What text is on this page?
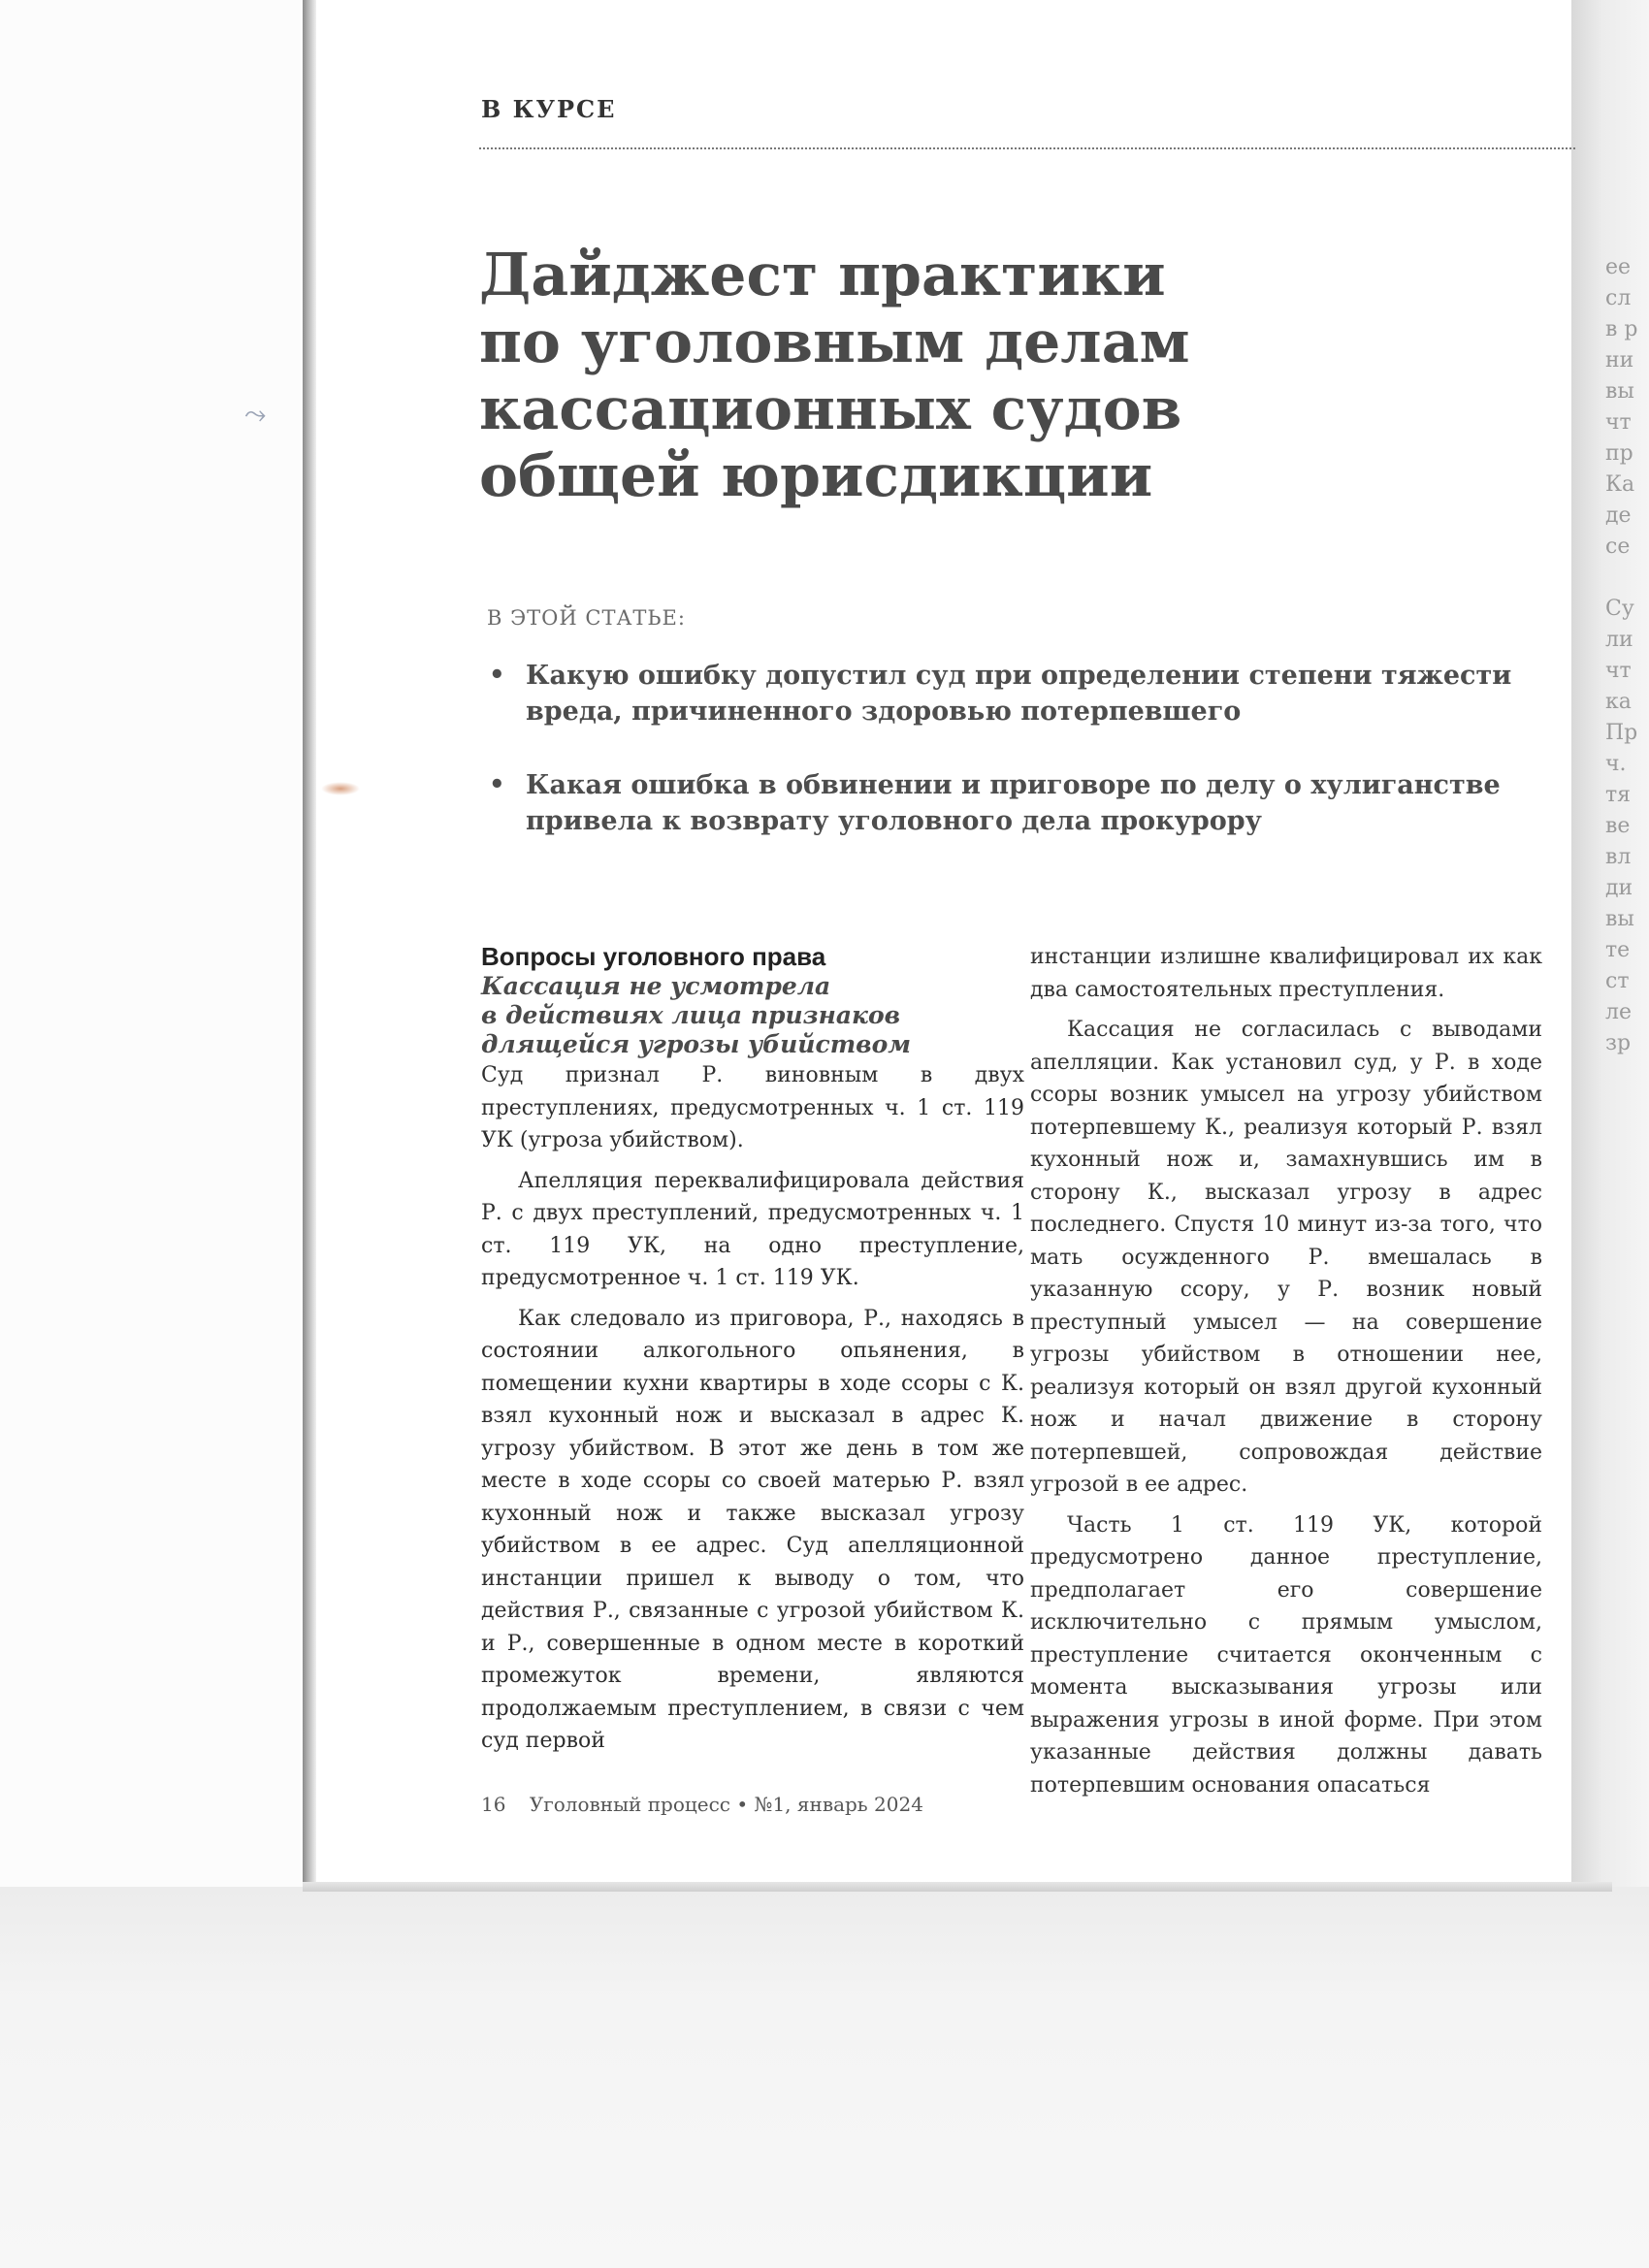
ее
сл
в р
ни
вы
чт
пр
Ка
де
се

Су
ли
чт
ка
Пр
ч.
тя
ве
вл
ди
вы
те
ст
ле
зр
⤳
В КУРСЕ
Дайджест практики
по уголовным делам
кассационных судов
общей юрисдикции
В ЭТОЙ СТАТЬЕ:
• Какую ошибку допустил суд при определении степени тяжести вреда, причиненного здоровью потерпевшего
• Какая ошибка в обвинении и приговоре по делу о хулиганстве привела к возврату уголовного дела прокурору

Вопросы уголовного права

Кассация не усмотрела
в действиях лица признаков
длящейся угрозы убийством

Суд признал Р. виновным в двух преступлениях, предусмотренных ч. 1 ст. 119 УК (угроза убийством).

Апелляция переквалифицировала действия Р. с двух преступлений, предусмотренных ч. 1 ст. 119 УК, на одно преступление, предусмотренное ч. 1 ст. 119 УК.

Как следовало из приговора, Р., находясь в состоянии алкогольного опьянения, в помещении кухни квартиры в ходе ссоры с К. взял кухонный нож и высказал в адрес К. угрозу убийством. В этот же день в том же месте в ходе ссоры со своей матерью Р. взял кухонный нож и также высказал угрозу убийством в ее адрес. Суд апелляционной инстанции пришел к выводу о том, что действия Р., связанные с угрозой убийством К. и Р., совершенные в одном месте в короткий промежуток времени, являются продолжаемым преступлением, в связи с чем суд первой

инстанции излишне квалифицировал их как два самостоятельных преступления.

Кассация не согласилась с выводами апелляции. Как установил суд, у Р. в ходе ссоры возник умысел на угрозу убийством потерпевшему К., реализуя который Р. взял кухонный нож и, замахнувшись им в сторону К., высказал угрозу в адрес последнего. Спустя 10 минут из-за того, что мать осужденного Р. вмешалась в указанную ссору, у Р. возник новый преступный умысел — на совершение угрозы убийством в отношении нее, реализуя который он взял другой кухонный нож и начал движение в сторону потерпевшей, сопровождая действие угрозой в ее адрес.

Часть 1 ст. 119 УК, которой предусмотрено данное преступление, предполагает его совершение исключительно с прямым умыслом, преступление считается оконченным с момента высказывания угрозы или выражения угрозы в иной форме. При этом указанные действия должны давать потерпевшим основания опасаться

16 Уголовный процесс • №1, январь 2024
